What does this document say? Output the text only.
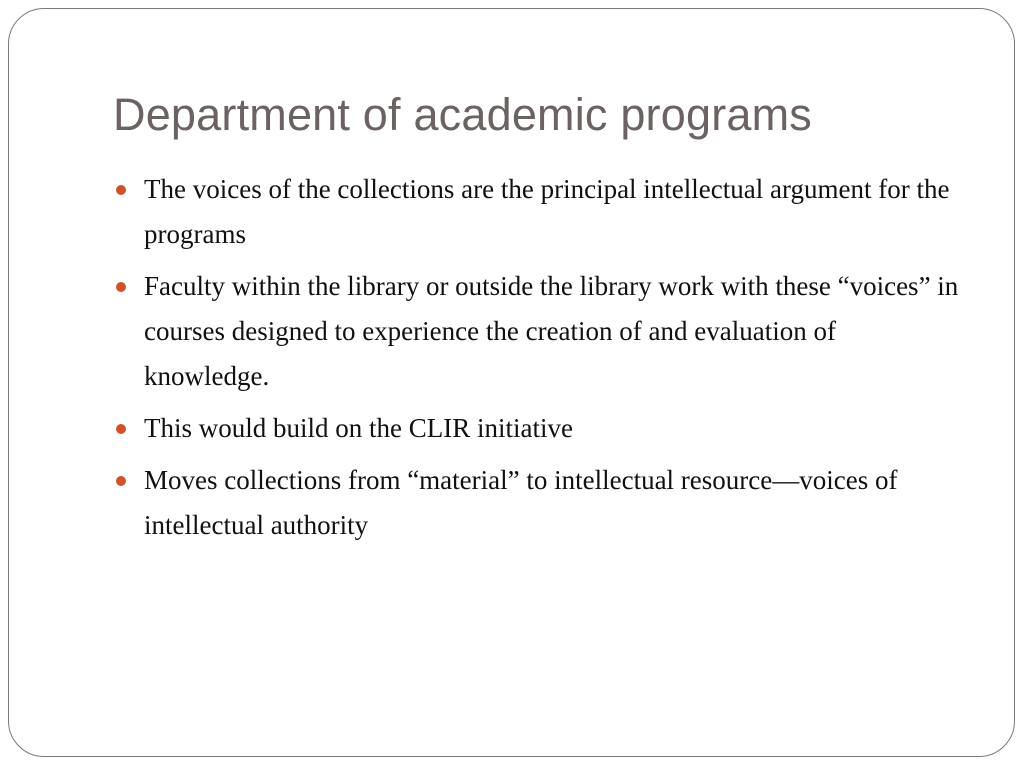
Department of academic programs
The voices of the collections are the principal intellectual argument for the programs
Faculty within the library or outside the library work with these “voices” in courses designed to experience the creation of and evaluation of knowledge.
This would build on the CLIR initiative
Moves collections from “material” to intellectual resource—voices of intellectual authority
